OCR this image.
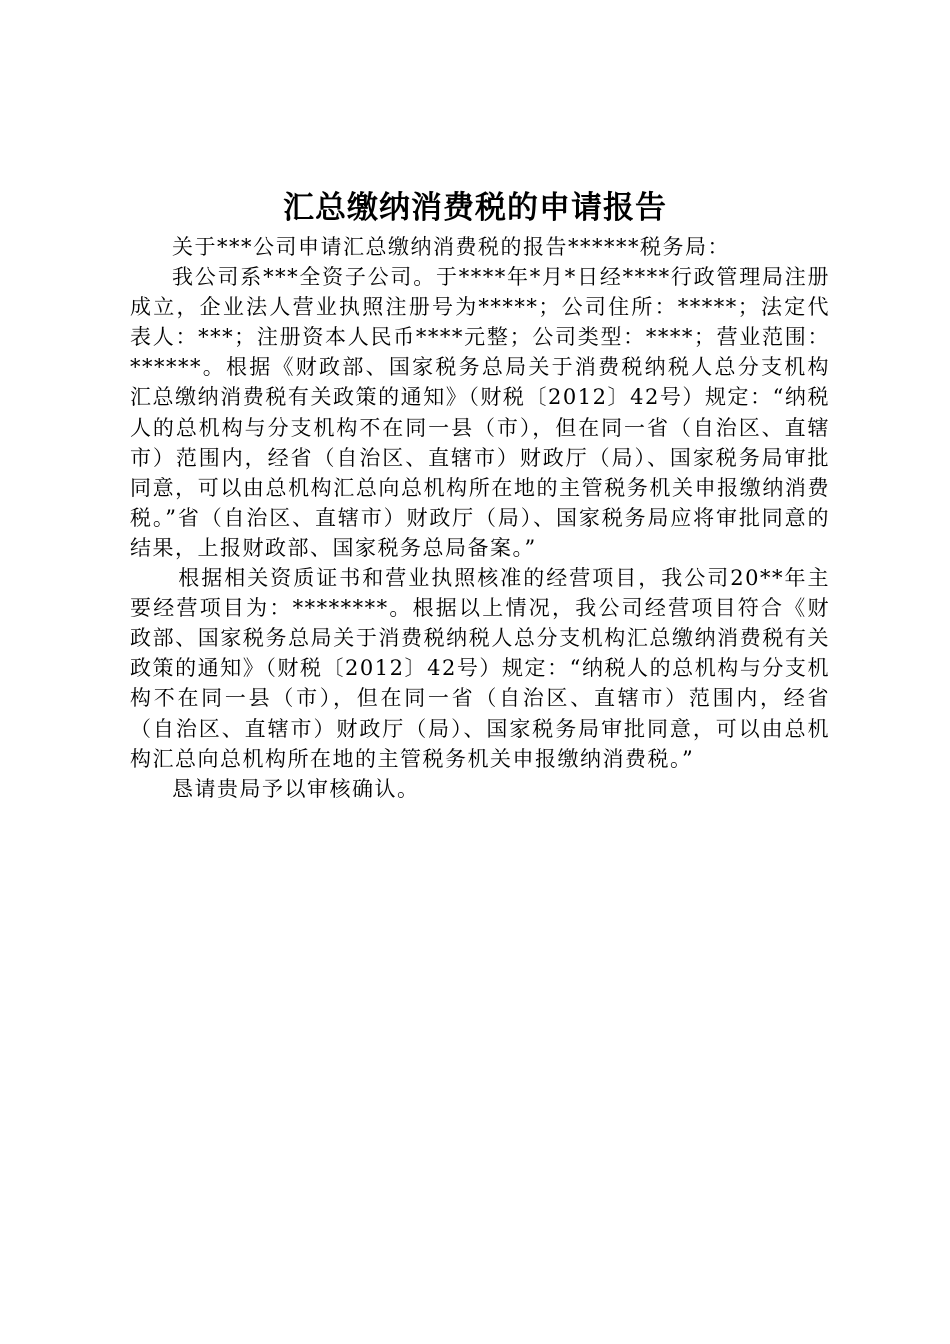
汇总缴纳消费税的申请报告

关于***公司申请汇总缴纳消费税的报告******税务局：

我公司系***全资子公司。于****年*月*日经****行政管理局注册成立，企业法人营业执照注册号为*****；公司住所：*****；法定代表人：***；注册资本人民币****元整；公司类型：****；营业范围：******。根据《财政部、国家税务总局关于消费税纳税人总分支机构汇总缴纳消费税有关政策的通知》（财税〔2012〕42号）规定：“纳税人的总机构与分支机构不在同一县（市），但在同一省（自治区、直辖市）范围内，经省（自治区、直辖市）财政厅（局）、国家税务局审批同意，可以由总机构汇总向总机构所在地的主管税务机关申报缴纳消费税。”省（自治区、直辖市）财政厅（局）、国家税务局应将审批同意的结果，上报财政部、国家税务总局备案。”

根据相关资质证书和营业执照核准的经营项目，我公司20**年主要经营项目为：********。根据以上情况，我公司经营项目符合《财政部、国家税务总局关于消费税纳税人总分支机构汇总缴纳消费税有关政策的通知》（财税〔2012〕42号）规定：“纳税人的总机构与分支机构不在同一县（市），但在同一省（自治区、直辖市）范围内，经省（自治区、直辖市）财政厅（局）、国家税务局审批同意，可以由总机构汇总向总机构所在地的主管税务机关申报缴纳消费税。”

恳请贵局予以审核确认。
